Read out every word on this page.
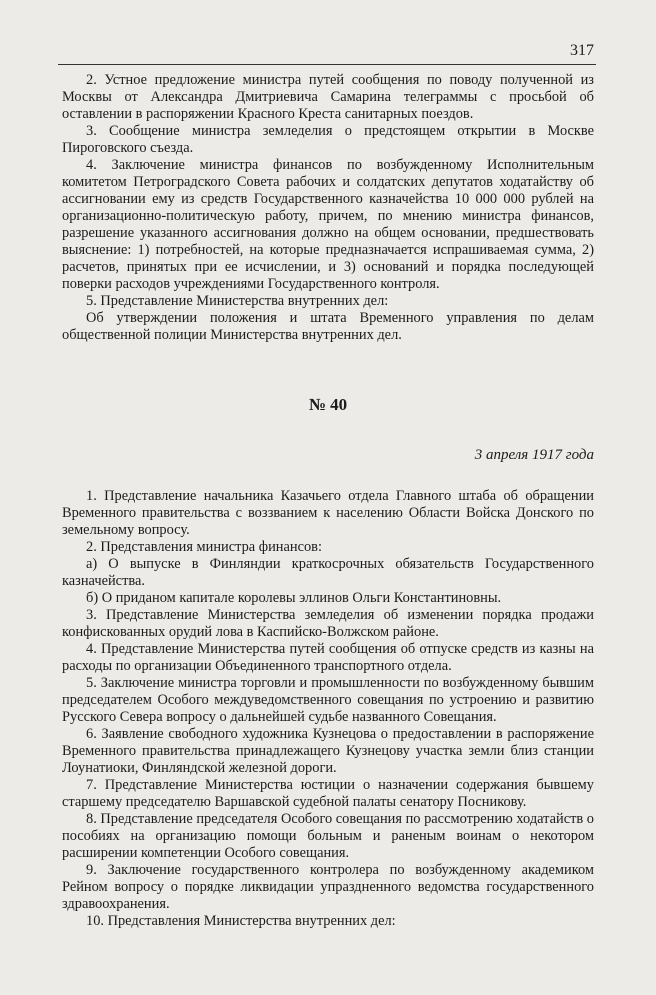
317

2. Устное предложение министра путей сообщения по поводу полученной из Москвы от Александра Дмитриевича Самарина телеграммы с просьбой об оставлении в распоряжении Красного Креста санитарных поездов.

3. Сообщение министра земледелия о предстоящем открытии в Москве Пироговского съезда.

4. Заключение министра финансов по возбужденному Исполнительным комитетом Петроградского Совета рабочих и солдатских депутатов ходатайству об ассигновании ему из средств Государственного казначейства 10 000 000 рублей на организационно-политическую работу, причем, по мнению министра финансов, разрешение указанного ассигнования должно на общем основании, предшествовать выяснение: 1) потребностей, на которые предназначается испрашиваемая сумма, 2) расчетов, принятых при ее исчислении, и 3) оснований и порядка последующей поверки расходов учреждениями Государственного контроля.

5. Представление Министерства внутренних дел:

Об утверждении положения и штата Временного управления по делам общественной полиции Министерства внутренних дел.

№ 40

3 апреля 1917 года

1. Представление начальника Казачьего отдела Главного штаба об обращении Временного правительства с воззванием к населению Области Войска Донского по земельному вопросу.

2. Представления министра финансов:

а) О выпуске в Финляндии краткосрочных обязательств Государственного казначейства.

б) О приданом капитале королевы эллинов Ольги Константиновны.

3. Представление Министерства земледелия об изменении порядка продажи конфискованных орудий лова в Каспийско-Волжском районе.

4. Представление Министерства путей сообщения об отпуске средств из казны на расходы по организации Объединенного транспортного отдела.

5. Заключение министра торговли и промышленности по возбужденному бывшим председателем Особого междуведомственного совещания по устроению и развитию Русского Севера вопросу о дальнейшей судьбе названного Совещания.

6. Заявление свободного художника Кузнецова о предоставлении в распоряжение Временного правительства принадлежащего Кузнецову участка земли близ станции Лоунатиоки, Финляндской железной дороги.

7. Представление Министерства юстиции о назначении содержания бывшему старшему председателю Варшавской судебной палаты сенатору Посникову.

8. Представление председателя Особого совещания по рассмотрению ходатайств о пособиях на организацию помощи больным и раненым воинам о некотором расширении компетенции Особого совещания.

9. Заключение государственного контролера по возбужденному академиком Рейном вопросу о порядке ликвидации упраздненного ведомства государственного здравоохранения.

10. Представления Министерства внутренних дел:
